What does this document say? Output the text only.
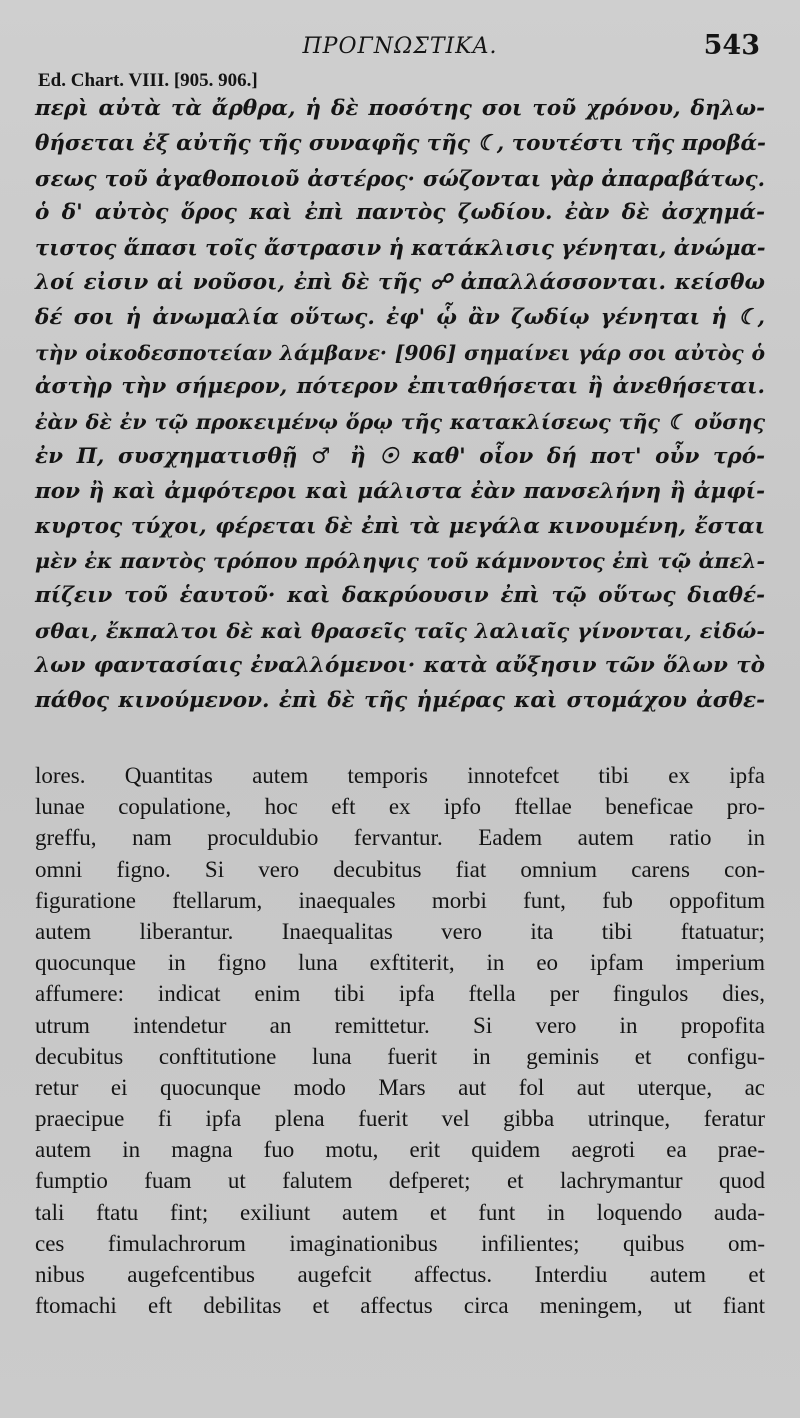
ΠΡΟΓΝΩΣΤΙΚΑ.	543
Ed. Chart. VIII. [905. 906.]
περὶ αὐτὰ τὰ ἄρθρα, ἡ δὲ ποσότης σοι τοῦ χρόνου, δηλω-
θήσεται ἐξ αὐτῆς τῆς συναφῆς τῆς ☾, τουτέστι τῆς προβά-
σεως τοῦ ἀγαθοποιοῦ ἀστέρος· σώζονται γὰρ ἀπαραβάτως.
ὁ δ' αὐτὸς ὅρος καὶ ἐπὶ παντὸς ζωδίου. ἐὰν δὲ ἀσχημά-
τιστος ἅπασι τοῖς ἄστρασιν ἡ κατάκλισις γένηται, ἀνώμα-
λοί εἰσιν αἱ νοῦσοι, ἐπὶ δὲ τῆς ☍ ἀπαλλάσσονται. κείσθω
δέ σοι ἡ ἀνωμαλία οὕτως. ἐφ' ᾧ ἂν ζωδίῳ γένηται ἡ ☾,
τὴν οἰκοδεσποτείαν λάμβανε· [906] σημαίνει γάρ σοι αὐτὸς ὁ
ἀστὴρ τὴν σήμερον, πότερον ἐπιταθήσεται ἢ ἀνεθήσεται.
ἐὰν δὲ ἐν τῷ προκειμένῳ ὅρῳ τῆς κατακλίσεως τῆς ☾ οὔσης
ἐν Π, συσχηματισθῇ ♂ ἢ ☉ καθ' οἷον δή ποτ' οὖν τρό-
πον ἢ καὶ ἀμφότεροι καὶ μάλιστα ἐὰν πανσελήνη ἢ ἀμφί-
κυρτος τύχοι, φέρεται δὲ ἐπὶ τὰ μεγάλα κινουμένη, ἔσται
μὲν ἐκ παντὸς τρόπου πρόληψις τοῦ κάμνοντος ἐπὶ τῷ ἀπελ-
πίζειν τοῦ ἑαυτοῦ· καὶ δακρύουσιν ἐπὶ τῷ οὕτως διαθέ-
σθαι, ἔκπαλτοι δὲ καὶ θρασεῖς ταῖς λαλιαῖς γίνονται, εἰδώ-
λων φαντασίαις ἐναλλόμενοι· κατὰ αὔξησιν τῶν ὅλων τὸ
πάθος κινούμενον. ἐπὶ δὲ τῆς ἡμέρας καὶ στομάχου ἀσθε-
lores. Quantitas autem temporis innotefcet tibi ex ipfa
lunae copulatione, hoc eft ex ipfo ftellae beneficae pro-
greffu, nam proculdubio fervantur. Eadem autem ratio in
omni figno. Si vero decubitus fiat omnium carens con-
figuratione ftellarum, inaequales morbi funt, fub oppofitum
autem liberantur. Inaequalitas vero ita tibi ftatuatur;
quocunque in figno luna exftiterit, in eo ipfam imperium
affumere: indicat enim tibi ipfa ftella per fingulos dies,
utrum intendetur an remittetur. Si vero in propofita
decubitus conftitutione luna fuerit in geminis et configu-
retur ei quocunque modo Mars aut fol aut uterque, ac
praecipue fi ipfa plena fuerit vel gibba utrinque, feratur
autem in magna fuo motu, erit quidem aegroti ea prae-
fumptio fuam ut falutem defperet; et lachrymantur quod
tali ftatu fint; exiliunt autem et funt in loquendo auda-
ces fimulachrorum imaginationibus infilientes; quibus om-
nibus augefcentibus augefcit affectus. Interdiu autem et
ftomachi eft debilitas et affectus circa meningem, ut fiant
